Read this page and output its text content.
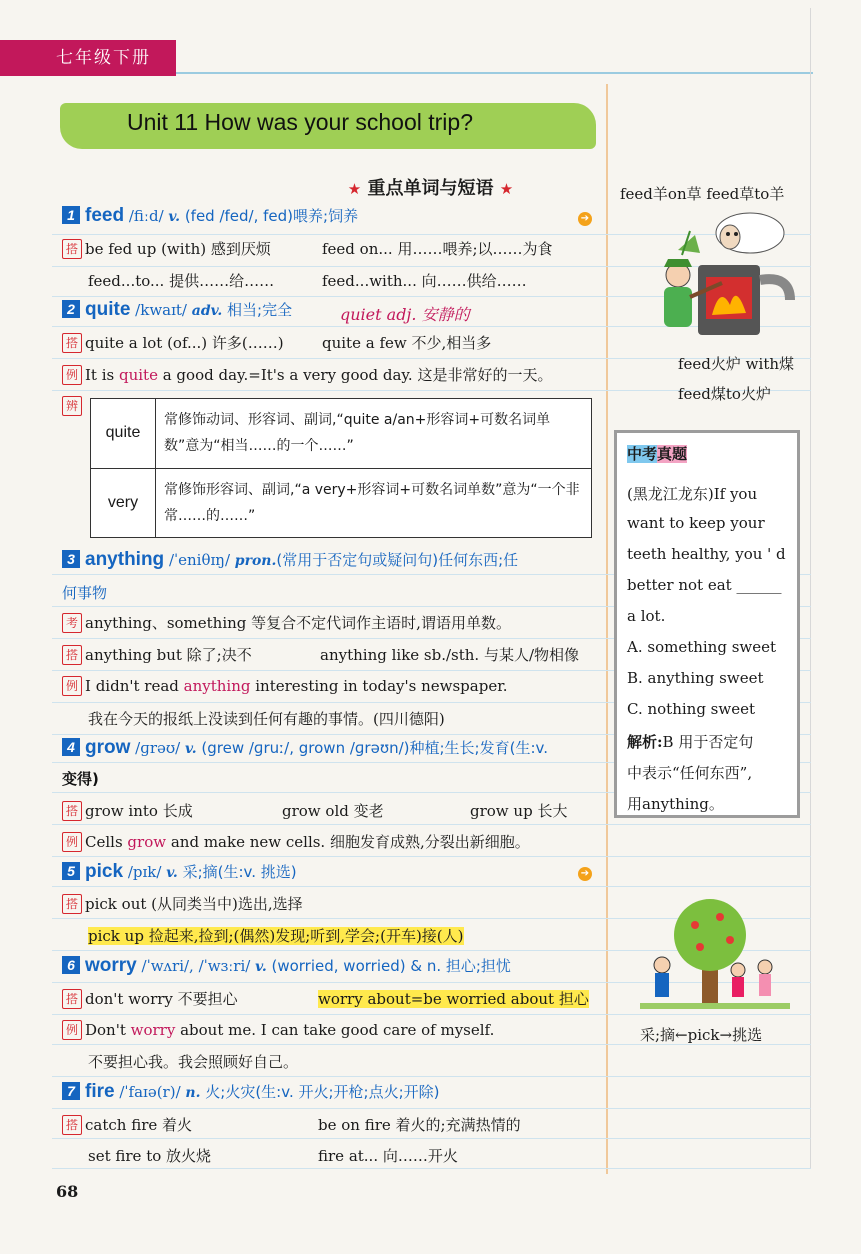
七年级下册
Unit 11 How was your school trip?
★ 重点单词与短语 ★
1 feed /fiːd/ v. (fed /fed/, fed)喂养;饲养	➔
搭 be fed up (with) 感到厌烦	feed on... 用……喂养;以……为食
feed...to... 提供……给……	feed...with... 向……供给……
2 quite /kwaɪt/ adv. 相当;完全	quiet adj. 安静的
搭 quite a lot (of...) 许多(……)	quite a few 不少,相当多
例 It is quite a good day.=It's a very good day. 这是非常好的一天。
辨
quite	常修饰动词、形容词、副词,“quite a/an+形容词+可数名词单数”意为“相当……的一个……”
very	常修饰形容词、副词,“a very+形容词+可数名词单数”意为“一个非常……的……”
3 anything /ˈeniθɪŋ/ pron.(常用于否定句或疑问句)任何东西;任
何事物
考 anything、something 等复合不定代词作主语时,谓语用单数。
搭 anything but 除了;决不	anything like sb./sth. 与某人/物相像
例 I didn't read anything interesting in today's newspaper.
我在今天的报纸上没读到任何有趣的事情。(四川德阳)
4 grow /ɡrəʊ/ v. (grew /ɡruː/, grown /ɡrəʊn/)种植;生长;发育(生:v.
变得)
搭 grow into 长成	grow old 变老	grow up 长大
例 Cells grow and make new cells. 细胞发育成熟,分裂出新细胞。
5 pick /pɪk/ v. 采;摘(生:v. 挑选)	➔
搭 pick out (从同类当中)选出,选择
pick up 捡起来,捡到;(偶然)发现;听到,学会;(开车)接(人)
6 worry /ˈwʌri/, /ˈwɜːri/ v. (worried, worried) & n. 担心;担忧
搭 don't worry 不要担心	worry about=be worried about 担心
例 Don't worry about me. I can take good care of myself.
不要担心我。我会照顾好自己。
7 fire /ˈfaɪə(r)/ n. 火;火灾(生:v. 开火;开枪;点火;开除)
搭 catch fire 着火	be on fire 着火的;充满热情的
set fire to 放火烧	fire at... 向……开火
68
feed羊on草 feed草to羊
feed火炉 with煤
feed煤to火炉
中考真题
(黑龙江龙东)If you
want to keep your
teeth healthy, you ' d
better not eat ______
a lot.
A. something sweet
B. anything sweet
C. nothing sweet
解析:B 用于否定句
中表示“任何东西”,
用anything。
采;摘←pick→挑选
